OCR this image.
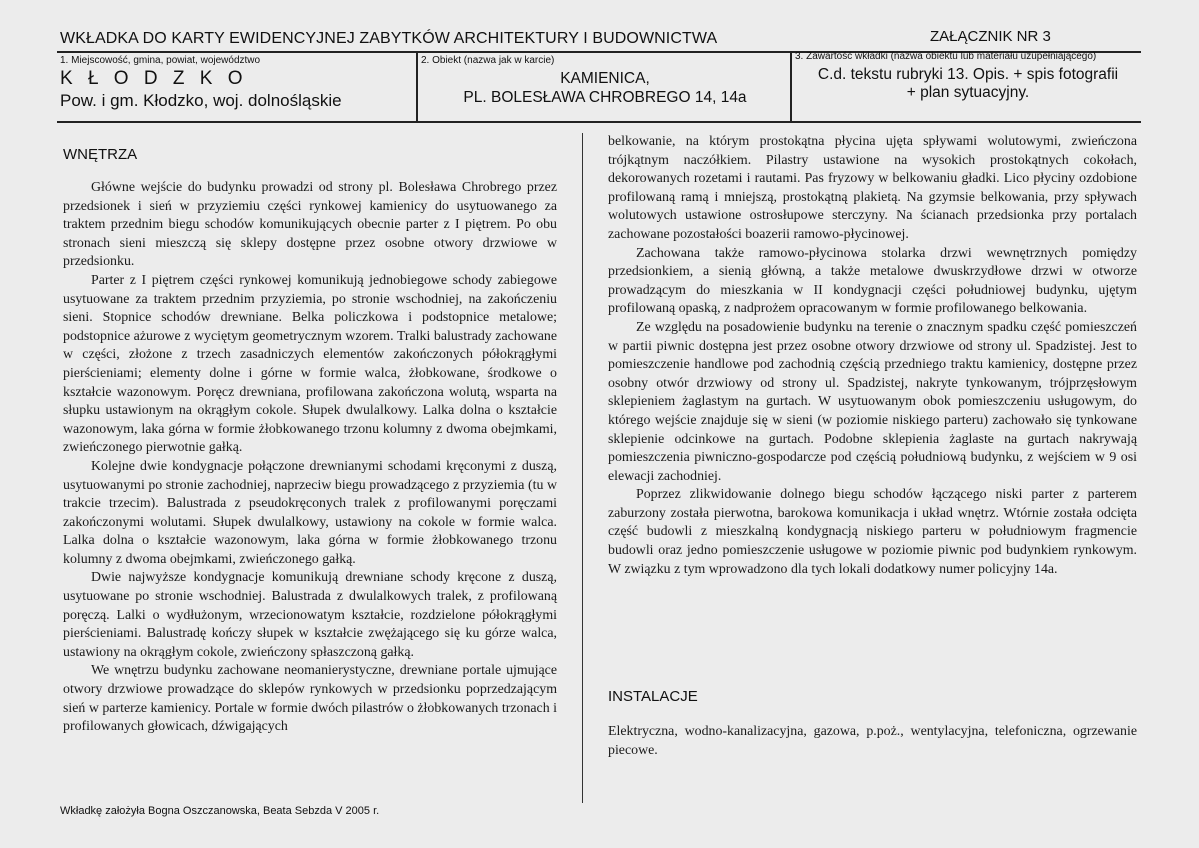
WKŁADKA DO KARTY EWIDENCYJNEJ ZABYTKÓW ARCHITEKTURY I BUDOWNICTWA	ZAŁĄCZNIK NR 3
1. Miejscowość, gmina, powiat, województwo
K Ł O D Z K O
Pow. i gm. Kłodzko, woj. dolnośląskie
2. Obiekt (nazwa jak w karcie)
KAMIENICA,
PL. BOLESŁAWA CHROBREGO 14, 14a
3. Zawartość wkładki (nazwa obiektu lub materiału uzupełniającego)
C.d. tekstu rubryki 13. Opis. + spis fotografii
+ plan sytuacyjny.
WNĘTRZA

Główne wejście do budynku prowadzi od strony pl. Bolesława Chrobrego przez przedsionek i sień w przyziemiu części rynkowej kamienicy do usytuowanego za traktem przednim biegu schodów komunikujących obecnie parter z I piętrem. Po obu stronach sieni mieszczą się sklepy dostępne przez osobne otwory drzwiowe w przedsionku.

Parter z I piętrem części rynkowej komunikują jednobiegowe schody zabiegowe usytuowane za traktem przednim przyziemia, po stronie wschodniej, na zakończeniu sieni. Stopnice schodów drewniane. Belka policzkowa i podstopnice metalowe; podstopnice ażurowe z wyciętym geometrycznym wzorem. Tralki balustrady zachowane w części, złożone z trzech zasadniczych elementów zakończonych półokrągłymi pierścieniami; elementy dolne i górne w formie walca, żłobkowane, środkowe o kształcie wazonowym. Poręcz drewniana, profilowana zakończona wolutą, wsparta na słupku ustawionym na okrągłym cokole. Słupek dwulalkowy. Lalka dolna o kształcie wazonowym, laka górna w formie żłobkowanego trzonu kolumny z dwoma obejmkami, zwieńczonego pierwotnie gałką.

Kolejne dwie kondygnacje połączone drewnianymi schodami kręconymi z duszą, usytuowanymi po stronie zachodniej, naprzeciw biegu prowadzącego z przyziemia (tu w trakcie trzecim). Balustrada z pseudokręconych tralek z profilowanymi poręczami zakończonymi wolutami. Słupek dwulalkowy, ustawiony na cokole w formie walca. Lalka dolna o kształcie wazonowym, laka górna w formie żłobkowanego trzonu kolumny z dwoma obejmkami, zwieńczonego gałką.

Dwie najwyższe kondygnacje komunikują drewniane schody kręcone z duszą, usytuowane po stronie wschodniej. Balustrada z dwulalkowych tralek, z profilowaną poręczą. Lalki o wydłużonym, wrzecionowatym kształcie, rozdzielone półokrągłymi pierścieniami. Balustradę kończy słupek w kształcie zwężającego się ku górze walca, ustawiony na okrągłym cokole, zwieńczony spłaszczoną gałką.

We wnętrzu budynku zachowane neomanierystyczne, drewniane portale ujmujące otwory drzwiowe prowadzące do sklepów rynkowych w przedsionku poprzedzającym sień w parterze kamienicy. Portale w formie dwóch pilastrów o żłobkowanych trzonach i profilowanych głowicach, dźwigających

belkowanie, na którym prostokątna płycina ujęta spływami wolutowymi, zwieńczona trójkątnym naczółkiem. Pilastry ustawione na wysokich prostokątnych cokołach, dekorowanych rozetami i rautami. Pas fryzowy w belkowaniu gładki. Lico płyciny ozdobione profilowaną ramą i mniejszą, prostokątną plakietą. Na gzymsie belkowania, przy spływach wolutowych ustawione ostrosłupowe sterczyny. Na ścianach przedsionka przy portalach zachowane pozostałości boazerii ramowo-płycinowej.

Zachowana także ramowo-płycinowa stolarka drzwi wewnętrznych pomiędzy przedsionkiem, a sienią główną, a także metalowe dwuskrzydłowe drzwi w otworze prowadzącym do mieszkania w II kondygnacji części południowej budynku, ujętym profilowaną opaską, z nadprożem opracowanym w formie profilowanego belkowania.

Ze względu na posadowienie budynku na terenie o znacznym spadku część pomieszczeń w partii piwnic dostępna jest przez osobne otwory drzwiowe od strony ul. Spadzistej. Jest to pomieszczenie handlowe pod zachodnią częścią przedniego traktu kamienicy, dostępne przez osobny otwór drzwiowy od strony ul. Spadzistej, nakryte tynkowanym, trójprzęsłowym sklepieniem żaglastym na gurtach. W usytuowanym obok pomieszczeniu usługowym, do którego wejście znajduje się w sieni (w poziomie niskiego parteru) zachowało się tynkowane sklepienie odcinkowe na gurtach. Podobne sklepienia żaglaste na gurtach nakrywają pomieszczenia piwniczno-gospodarcze pod częścią południową budynku, z wejściem w 9 osi elewacji zachodniej.

Poprzez zlikwidowanie dolnego biegu schodów łączącego niski parter z parterem zaburzony została pierwotna, barokowa komunikacja i układ wnętrz. Wtórnie została odcięta część budowli z mieszkalną kondygnacją niskiego parteru w południowym fragmencie budowli oraz jedno pomieszczenie usługowe w poziomie piwnic pod budynkiem rynkowym. W związku z tym wprowadzono dla tych lokali dodatkowy numer policyjny 14a.

INSTALACJE
Elektryczna, wodno-kanalizacyjna, gazowa, p.poż., wentylacyjna, telefoniczna, ogrzewanie piecowe.
Wkładkę założyła Bogna Oszczanowska, Beata Sebzda V 2005 r.
